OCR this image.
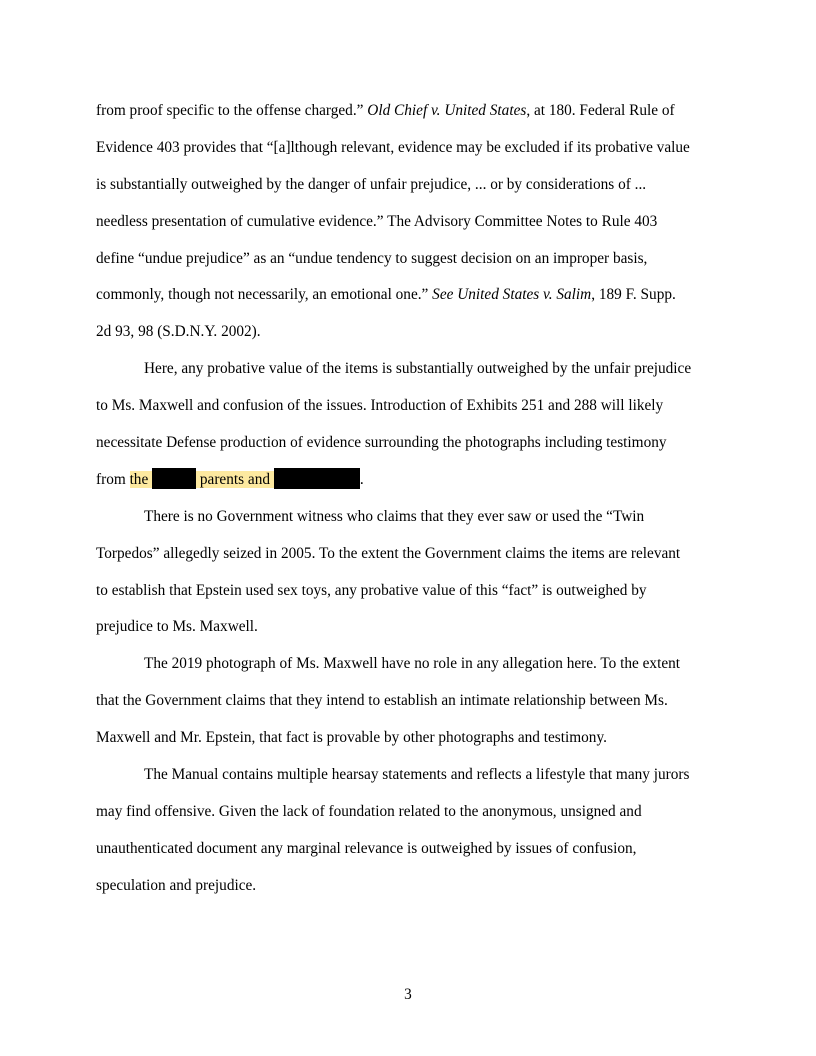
from proof specific to the offense charged.” Old Chief v. United States, at 180. Federal Rule of
Evidence 403 provides that “[a]lthough relevant, evidence may be excluded if its probative value
is substantially outweighed by the danger of unfair prejudice, ... or by considerations of ...
needless presentation of cumulative evidence.” The Advisory Committee Notes to Rule 403
define “undue prejudice” as an “undue tendency to suggest decision on an improper basis,
commonly, though not necessarily, an emotional one.” See United States v. Salim, 189 F. Supp.
2d 93, 98 (S.D.N.Y. 2002).
Here, any probative value of the items is substantially outweighed by the unfair prejudice
to Ms. Maxwell and confusion of the issues. Introduction of Exhibits 251 and 288 will likely
necessitate Defense production of evidence surrounding the photographs including testimony
from the	parents and	.
There is no Government witness who claims that they ever saw or used the “Twin
Torpedos” allegedly seized in 2005. To the extent the Government claims the items are relevant
to establish that Epstein used sex toys, any probative value of this “fact” is outweighed by
prejudice to Ms. Maxwell.
The 2019 photograph of Ms. Maxwell have no role in any allegation here. To the extent
that the Government claims that they intend to establish an intimate relationship between Ms.
Maxwell and Mr. Epstein, that fact is provable by other photographs and testimony.
The Manual contains multiple hearsay statements and reflects a lifestyle that many jurors
may find offensive. Given the lack of foundation related to the anonymous, unsigned and
unauthenticated document any marginal relevance is outweighed by issues of confusion,
speculation and prejudice.
3
